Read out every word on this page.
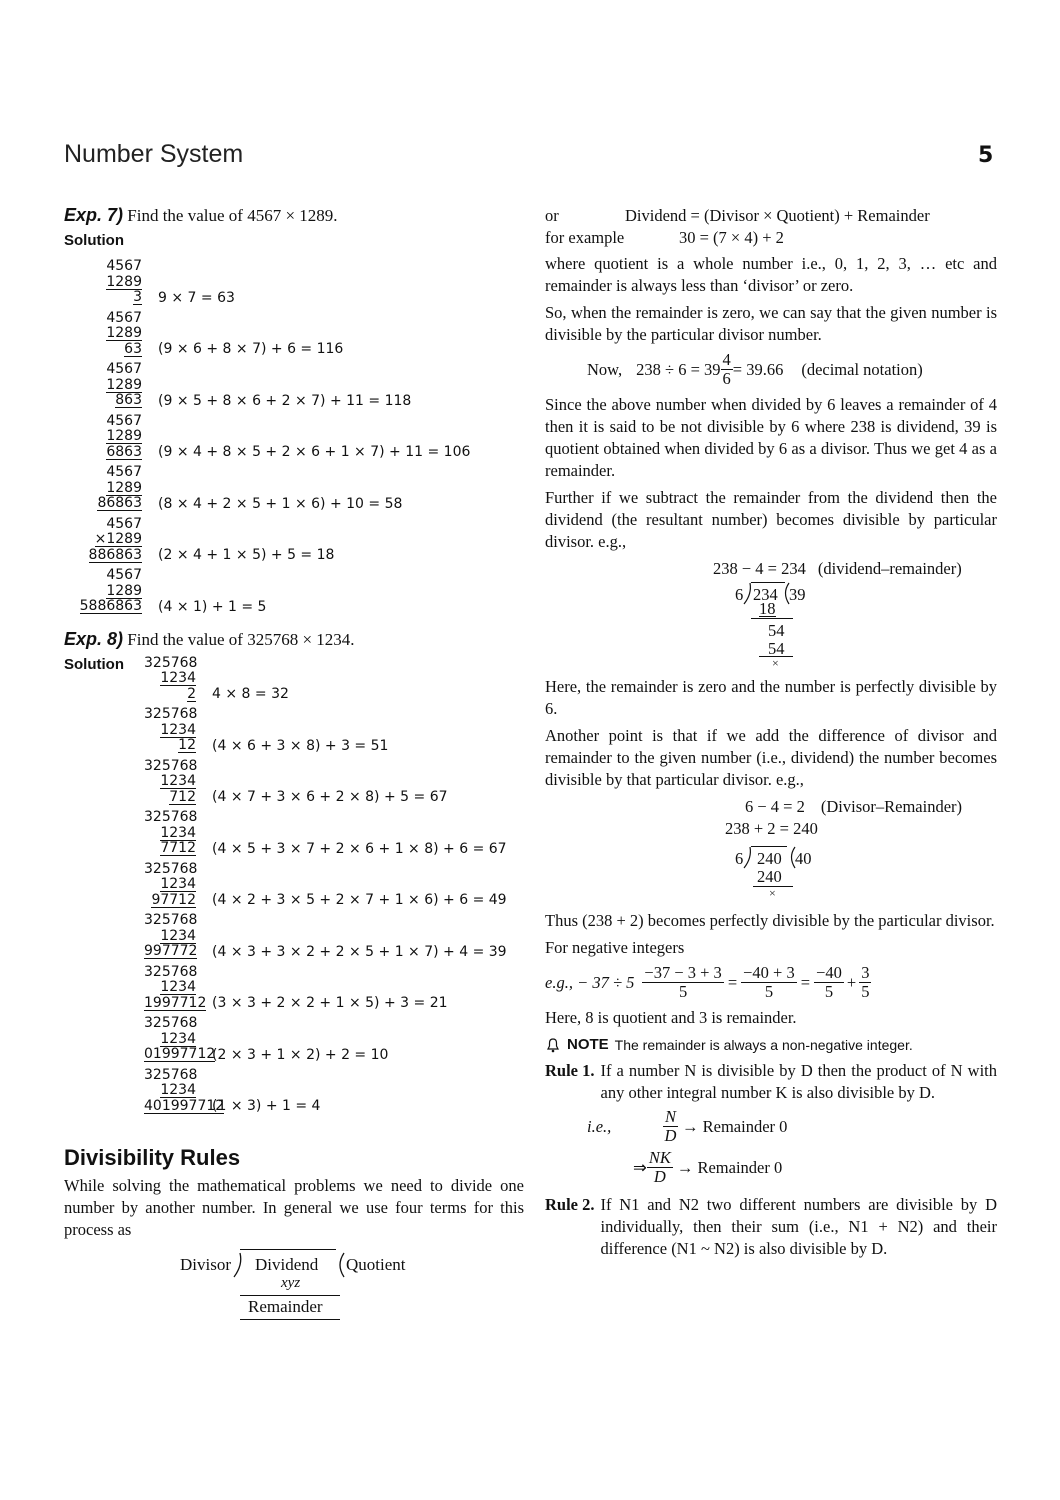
Number System	5
Exp. 7) Find the value of 4567 × 1289.
Solution
4567
1289
3 9 × 7 = 63
4567
1289
63 (9 × 6 + 8 × 7) + 6 = 116
4567
1289
863 (9 × 5 + 8 × 6 + 2 × 7) + 11 = 118
4567
1289
6863 (9 × 4 + 8 × 5 + 2 × 6 + 1 × 7) + 11 = 106
4567
1289
86863 (8 × 4 + 2 × 5 + 1 × 6) + 10 = 58
4567
×1289
886863 (2 × 4 + 1 × 5) + 5 = 18
4567
1289
5886863 (4 × 1) + 1 = 5
Exp. 8) Find the value of 325768 × 1234.
Solution	325768
1234
2 4 × 8 = 32
325768
1234
12 (4 × 6 + 3 × 8) + 3 = 51
325768
1234
712 (4 × 7 + 3 × 6 + 2 × 8) + 5 = 67
325768
1234
7712 (4 × 5 + 3 × 7 + 2 × 6 + 1 × 8) + 6 = 67
325768
1234
97712 (4 × 2 + 3 × 5 + 2 × 7 + 1 × 6) + 6 = 49
325768
1234
997772 (4 × 3 + 3 × 2 + 2 × 5 + 1 × 7) + 4 = 39
325768
1234
1997712 (3 × 3 + 2 × 2 + 1 × 5) + 3 = 21
325768
1234
01997712
(2 × 3 + 1 × 2) + 2 = 10
325768
1234
401997712
(1 × 3) + 1 = 4
Divisibility Rules
While solving the mathematical problems we need to divide one number by another number. In general we use four terms for this process as
Divisor Dividend Quotient
xyz
Remainder
or	Dividend = (Divisor × Quotient) + Remainder
for example	30 = (7 × 4) + 2

where quotient is a whole number i.e., 0, 1, 2, 3, … etc and remainder is always less than ‘divisor’ or zero.

So, when the remainder is zero, we can say that the given number is divisible by the particular divisor number.

Now, $238 \div 6 = 39 \frac{4}{6} = 39.66$ (decimal notation)

Since the above number when divided by 6 leaves a remainder of 4 then it is said to be not divisible by 6 where 238 is dividend, 39 is quotient obtained when divided by 6 as a divisor. Thus we get 4 as a remainder.

Further if we subtract the remainder from the dividend then the dividend (the resultant number) becomes divisible by particular divisor. e.g.,

238 − 4 = 234 (dividend–remainder)
6 234 39
18
54
54
×

Here, the remainder is zero and the number is perfectly divisible by 6.

Another point is that if we add the difference of divisor and remainder to the given number (i.e., dividend) the number becomes divisible by that particular divisor. e.g.,

6 − 4 = 2 (Divisor–Remainder)
238 + 2 = 240
6 240 40
240
×

Thus (238 + 2) becomes perfectly divisible by the particular divisor.

For negative integers

e.g., − $37 \div 5 \frac{-37 - 3 + 3}{5} = \frac{-40 + 3}{5} = \frac{-40}{5} + \frac{3}{5}$

Here, 8 is quotient and 3 is remainder.

NOTE The remainder is always a non-negative integer.
Rule 1. If a number N is divisible by D then the product of N with any other integral number K is also divisible by D.
i.e.,	$\frac{N}{D}$ → Remainder 0
⇒ $\frac{NK}{D}$ → Remainder 0
Rule 2. If N1 and N2 two different numbers are divisible by D individually, then their sum (i.e., N1 + N2) and their difference (N1 ~ N2) is also divisible by D.
